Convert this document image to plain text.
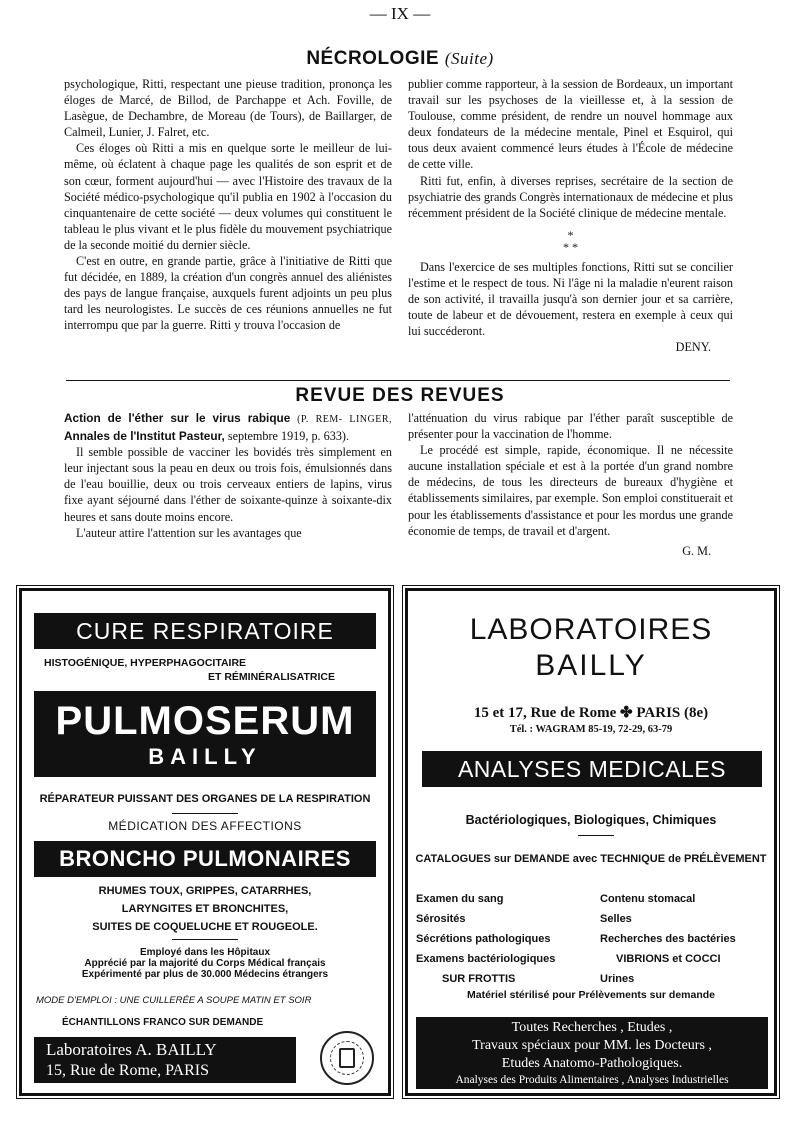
— IX —
NÉCROLOGIE (Suite)

psychologique, Ritti, respectant une pieuse tradition, prononça les éloges de Marcé, de Billod, de Parchappe et Ach. Foville, de Lasègue, de Dechambre, de Moreau (de Tours), de Baillarger, de Calmeil, Lunier, J. Falret, etc.

Ces éloges où Ritti a mis en quelque sorte le meilleur de lui-même, où éclatent à chaque page les qualités de son esprit et de son cœur, forment aujourd'hui — avec l'Histoire des travaux de la Société médico-psychologique qu'il publia en 1902 à l'occasion du cinquantenaire de cette société — deux volumes qui constituent le tableau le plus vivant et le plus fidèle du mouvement psychiatrique de la seconde moitié du dernier siècle.

C'est en outre, en grande partie, grâce à l'initiative de Ritti que fut décidée, en 1889, la création d'un congrès annuel des aliénistes des pays de langue française, auxquels furent adjoints un peu plus tard les neurologistes. Le succès de ces réunions annuelles ne fut interrompu que par la guerre. Ritti y trouva l'occasion de

publier comme rapporteur, à la session de Bordeaux, un important travail sur les psychoses de la vieillesse et, à la session de Toulouse, comme président, de rendre un nouvel hommage aux deux fondateurs de la médecine mentale, Pinel et Esquirol, qui tous deux avaient commencé leurs études à l'École de médecine de cette ville.

Ritti fut, enfin, à diverses reprises, secrétaire de la section de psychiatrie des grands Congrès internationaux de médecine et plus récemment président de la Société clinique de médecine mentale.

*
* *

Dans l'exercice de ses multiples fonctions, Ritti sut se concilier l'estime et le respect de tous. Ni l'âge ni la maladie n'eurent raison de son activité, il travailla jusqu'à son dernier jour et sa carrière, toute de labeur et de dévouement, restera en exemple à ceux qui lui succéderont.

DENY.
REVUE DES REVUES

Action de l'éther sur le virus rabique (P. REM- LINGER, Annales de l'Institut Pasteur, septembre 1919, p. 633).

Il semble possible de vacciner les bovidés très simplement en leur injectant sous la peau en deux ou trois fois, émulsionnés dans de l'eau bouillie, deux ou trois cerveaux entiers de lapins, virus fixe ayant séjourné dans l'éther de soixante-quinze à soixante-dix heures et sans doute moins encore.

L'auteur attire l'attention sur les avantages que

l'atténuation du virus rabique par l'éther paraît susceptible de présenter pour la vaccination de l'homme.

Le procédé est simple, rapide, économique. Il ne nécessite aucune installation spéciale et est à la portée d'un grand nombre de médecins, de tous les directeurs de bureaux d'hygiène et établissements similaires, par exemple. Son emploi constituerait et pour les établissements d'assistance et pour les mordus une grande économie de temps, de travail et d'argent.

G. M.
CURE RESPIRATOIRE
HISTOGÉNIQUE, HYPERPHAGOCITAIRE
ET RÉMINÉRALISATRICE
PULMOSERUM
BAILLY
RÉPARATEUR PUISSANT DES ORGANES DE LA RESPIRATION
MÉDICATION DES AFFECTIONS
BRONCHO PULMONAIRES
RHUMES TOUX, GRIPPES, CATARRHES,
LARYNGITES ET BRONCHITES,
SUITES DE COQUELUCHE ET ROUGEOLE.
Employé dans les Hôpitaux
Apprécié par la majorité du Corps Médical français
Expérimenté par plus de 30.000 Médecins étrangers
MODE D'EMPLOI : UNE CUILLERÉE A SOUPE MATIN ET SOIR
ÉCHANTILLONS FRANCO SUR DEMANDE
Laboratoires A. BAILLY
15, Rue de Rome, PARIS
LABORATOIRES
BAILLY
15 et 17, Rue de Rome ✤ PARIS (8e)
Tél. : WAGRAM 85-19, 72-29, 63-79
ANALYSES MEDICALES
Bactériologiques, Biologiques, Chimiques
CATALOGUES sur DEMANDE avec TECHNIQUE de PRÉLÈVEMENT
Examen du sang
Sérosités
Sécrétions pathologiques
Examens bactériologiques
SUR FROTTIS
Contenu stomacal
Selles
Recherches des bactéries
VIBRIONS et COCCI
Urines
Matériel stérilisé pour Prélèvements sur demande
Toutes Recherches , Etudes ,
Travaux spéciaux pour MM. les Docteurs ,
Etudes Anatomo-Pathologiques.
Analyses des Produits Alimentaires , Analyses Industrielles
